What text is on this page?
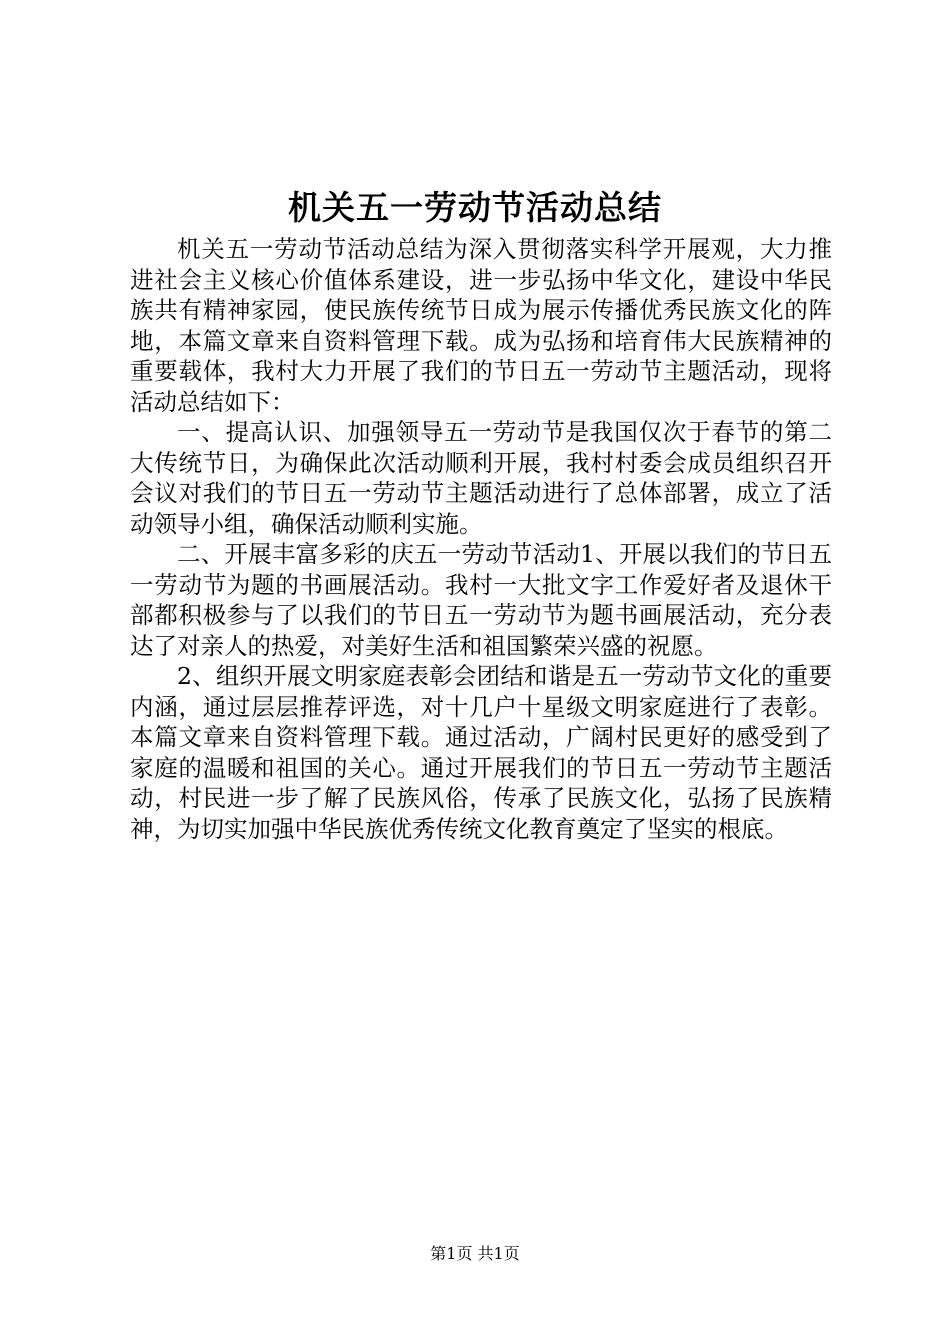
机关五一劳动节活动总结

机关五一劳动节活动总结为深入贯彻落实科学开展观，大力推进社会主义核心价值体系建设，进一步弘扬中华文化，建设中华民族共有精神家园，使民族传统节日成为展示传播优秀民族文化的阵地，本篇文章来自资料管理下载。成为弘扬和培育伟大民族精神的重要载体，我村大力开展了我们的节日五一劳动节主题活动，现将活动总结如下：

一、提高认识、加强领导五一劳动节是我国仅次于春节的第二大传统节日，为确保此次活动顺利开展，我村村委会成员组织召开会议对我们的节日五一劳动节主题活动进行了总体部署，成立了活动领导小组，确保活动顺利实施。

二、开展丰富多彩的庆五一劳动节活动1、开展以我们的节日五一劳动节为题的书画展活动。我村一大批文字工作爱好者及退休干部都积极参与了以我们的节日五一劳动节为题书画展活动，充分表达了对亲人的热爱，对美好生活和祖国繁荣兴盛的祝愿。

2、组织开展文明家庭表彰会团结和谐是五一劳动节文化的重要内涵，通过层层推荐评选，对十几户十星级文明家庭进行了表彰。本篇文章来自资料管理下载。通过活动，广阔村民更好的感受到了家庭的温暖和祖国的关心。通过开展我们的节日五一劳动节主题活动，村民进一步了解了民族风俗，传承了民族文化，弘扬了民族精神，为切实加强中华民族优秀传统文化教育奠定了坚实的根底。

第1页 共1页
